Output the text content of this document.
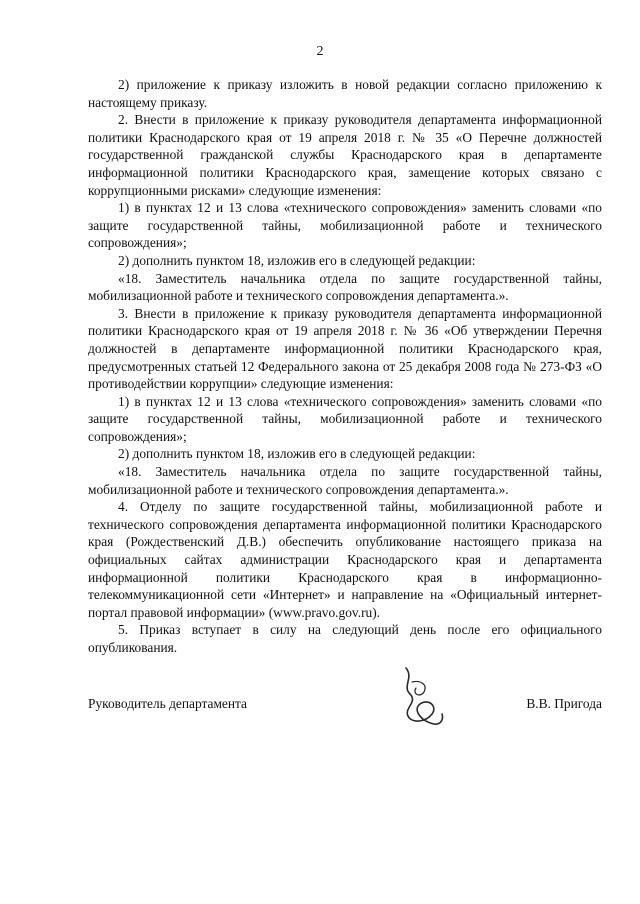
2

2) приложение к приказу изложить в новой редакции согласно приложению к настоящему приказу.

2. Внести в приложение к приказу руководителя департамента информационной политики Краснодарского края от 19 апреля 2018 г. № 35 «О Перечне должностей государственной гражданской службы Краснодарского края в департаменте информационной политики Краснодарского края, замещение которых связано с коррупционными рисками» следующие изменения:

1) в пунктах 12 и 13 слова «технического сопровождения» заменить словами «по защите государственной тайны, мобилизационной работе и технического сопровождения»;

2) дополнить пунктом 18, изложив его в следующей редакции:

«18. Заместитель начальника отдела по защите государственной тайны, мобилизационной работе и технического сопровождения департамента.».

3. Внести в приложение к приказу руководителя департамента информационной политики Краснодарского края от 19 апреля 2018 г. № 36 «Об утверждении Перечня должностей в департаменте информационной политики Краснодарского края, предусмотренных статьей 12 Федерального закона от 25 декабря 2008 года № 273-ФЗ «О противодействии коррупции» следующие изменения:

1) в пунктах 12 и 13 слова «технического сопровождения» заменить словами «по защите государственной тайны, мобилизационной работе и технического сопровождения»;

2) дополнить пунктом 18, изложив его в следующей редакции:

«18. Заместитель начальника отдела по защите государственной тайны, мобилизационной работе и технического сопровождения департамента.».

4. Отделу по защите государственной тайны, мобилизационной работе и технического сопровождения департамента информационной политики Краснодарского края (Рождественский Д.В.) обеспечить опубликование настоящего приказа на официальных сайтах администрации Краснодарского края и департамента информационной политики Краснодарского края в информационно-телекоммуникационной сети «Интернет» и направление на «Официальный интернет-портал правовой информации» (www.pravo.gov.ru).

5. Приказ вступает в силу на следующий день после его официального опубликования.

Руководитель департамента	В.В. Пригода
